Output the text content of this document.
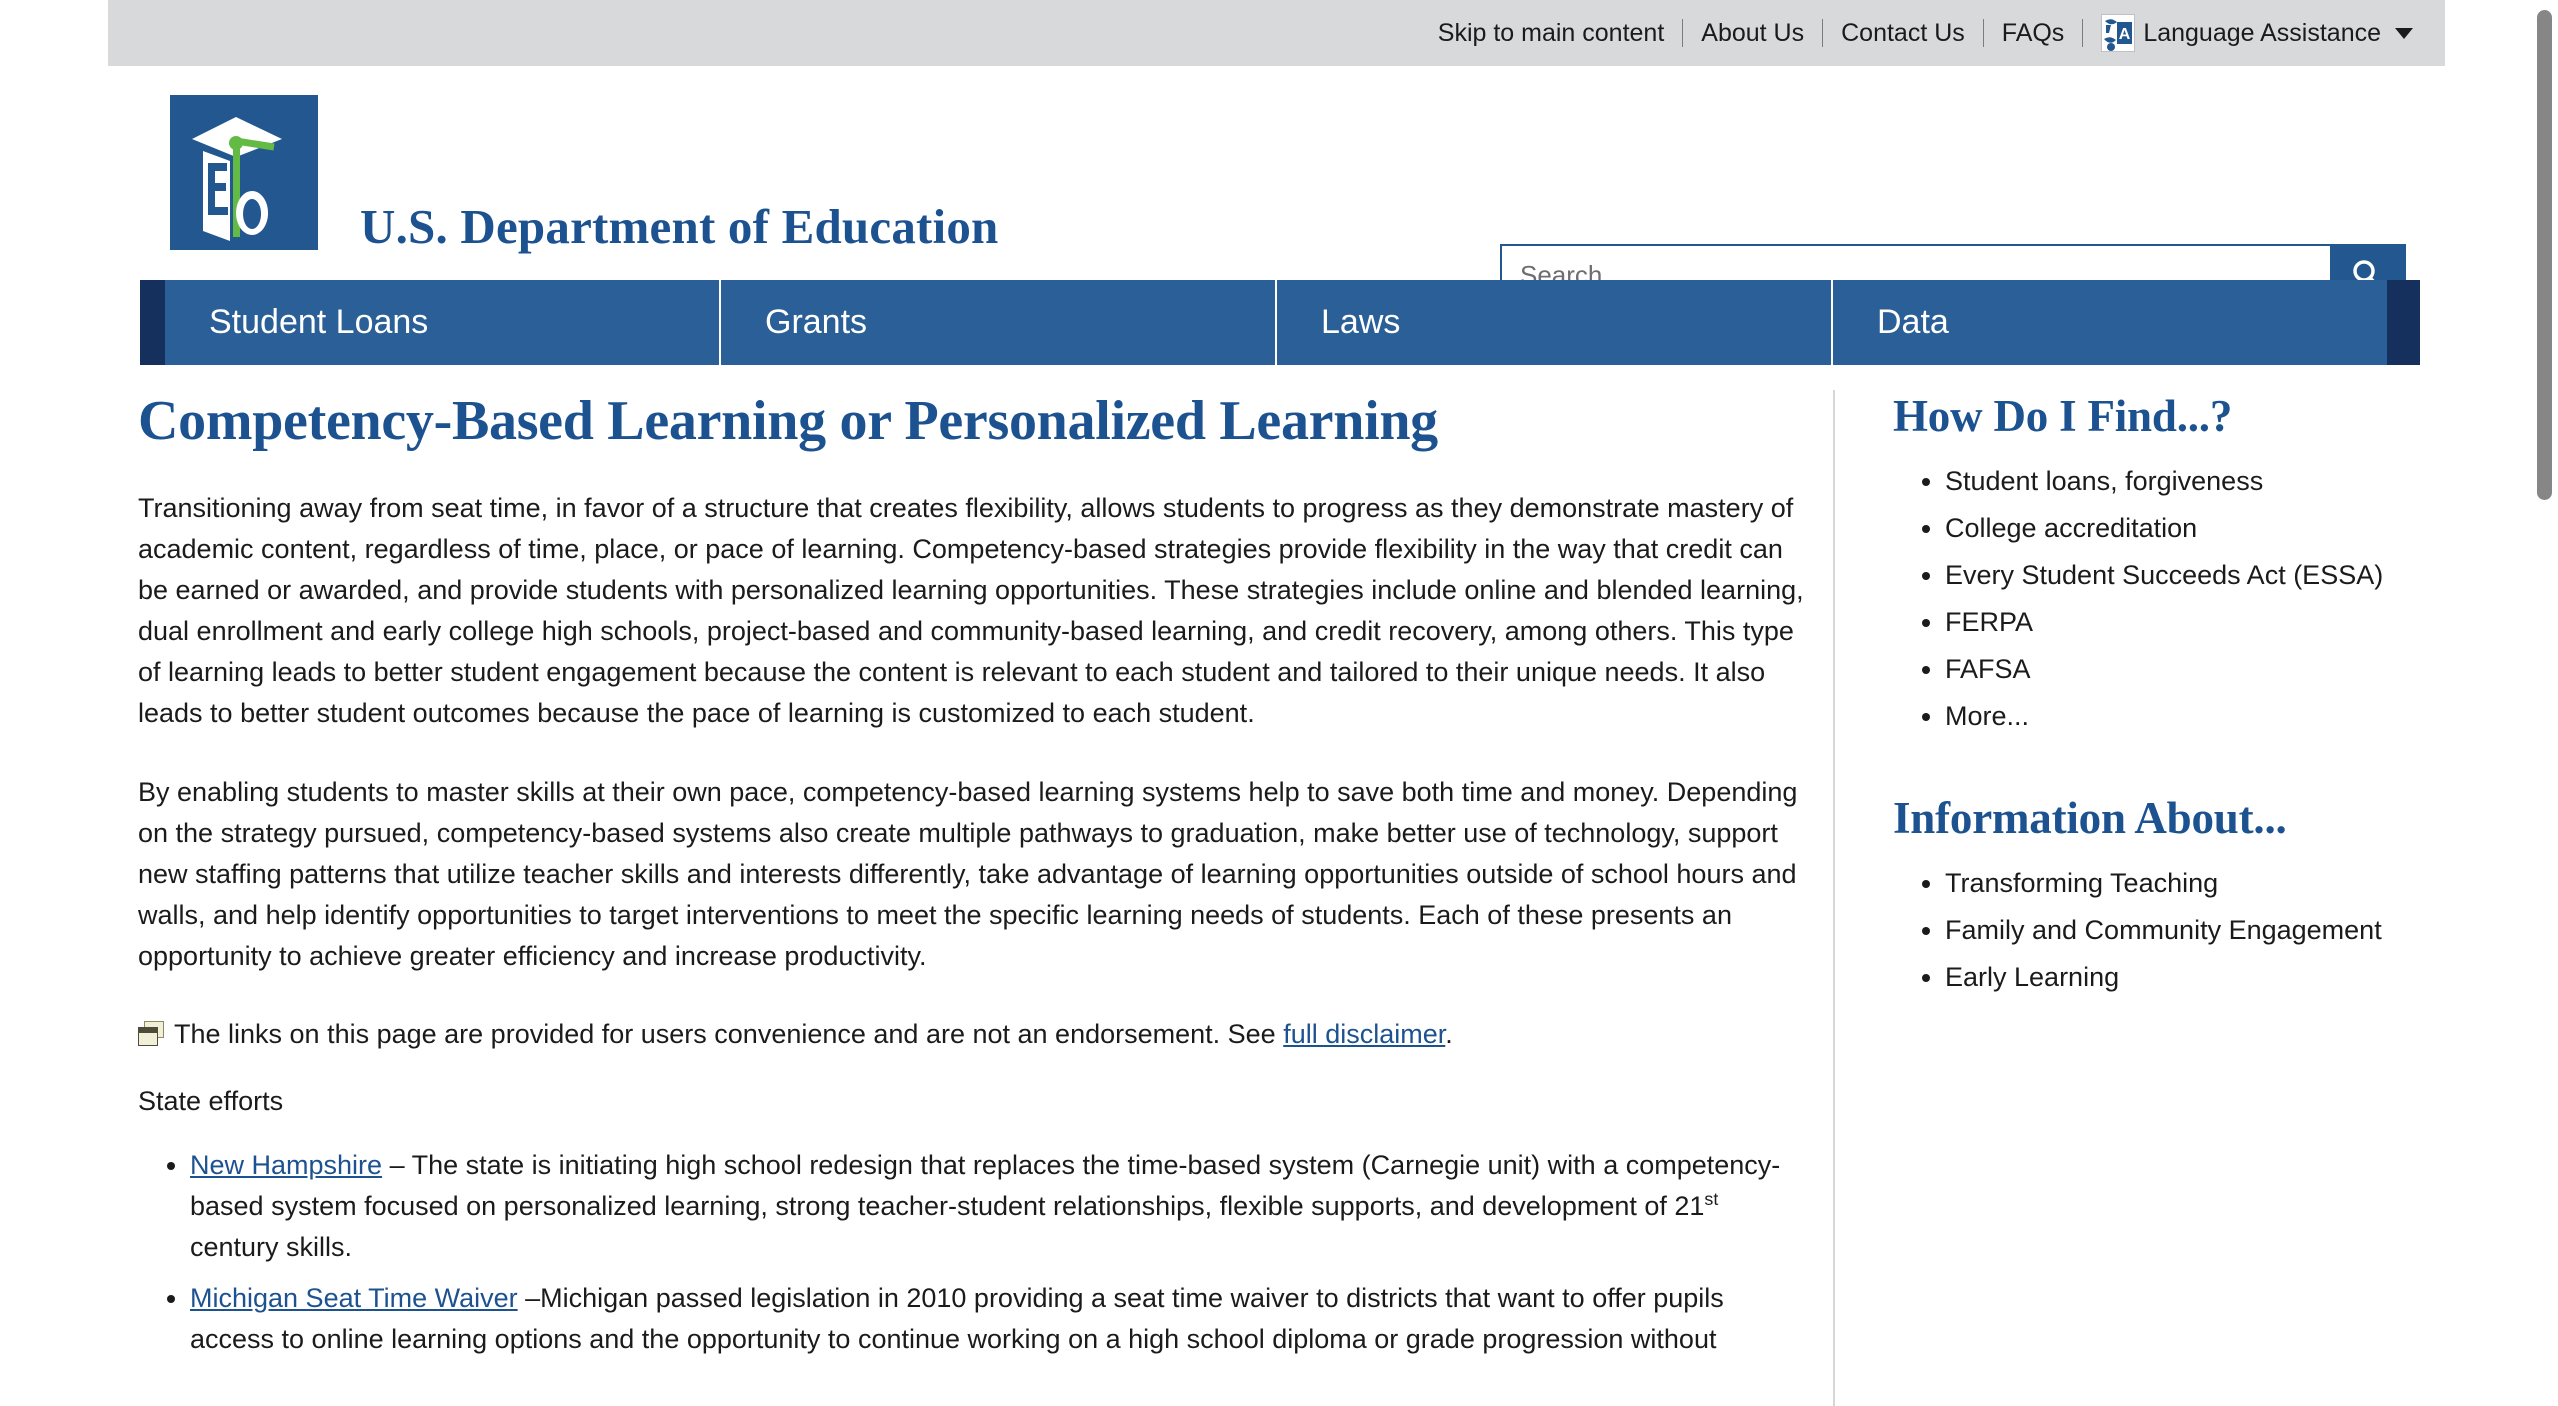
Skip to main content	About Us	Contact Us	FAQs	A Language Assistance
U.S. Department of Education
Search...
Student Loans	Grants	Laws	Data
Competency-Based Learning or Personalized Learning

Transitioning away from seat time, in favor of a structure that creates flexibility, allows students to progress as they demonstrate mastery of academic content, regardless of time, place, or pace of learning. Competency-based strategies provide flexibility in the way that credit can be earned or awarded, and provide students with personalized learning opportunities. These strategies include online and blended learning, dual enrollment and early college high schools, project-based and community-based learning, and credit recovery, among others. This type of learning leads to better student engagement because the content is relevant to each student and tailored to their unique needs. It also leads to better student outcomes because the pace of learning is customized to each student.

By enabling students to master skills at their own pace, competency-based learning systems help to save both time and money. Depending on the strategy pursued, competency-based systems also create multiple pathways to graduation, make better use of technology, support new staffing patterns that utilize teacher skills and interests differently, take advantage of learning opportunities outside of school hours and walls, and help identify opportunities to target interventions to meet the specific learning needs of students. Each of these presents an opportunity to achieve greater efficiency and increase productivity.

The links on this page are provided for users convenience and are not an endorsement. See full disclaimer.
State efforts
• New Hampshire – The state is initiating high school redesign that replaces the time-based system (Carnegie unit) with a competency-based system focused on personalized learning, strong teacher-student relationships, flexible supports, and development of 21st century skills.
• Michigan Seat Time Waiver –Michigan passed legislation in 2010 providing a seat time waiver to districts that want to offer pupils access to online learning options and the opportunity to continue working on a high school diploma or grade progression without
How Do I Find...?
• Student loans, forgiveness
• College accreditation
• Every Student Succeeds Act (ESSA)
• FERPA
• FAFSA
• More...
Information About...
• Transforming Teaching
• Family and Community Engagement
• Early Learning
